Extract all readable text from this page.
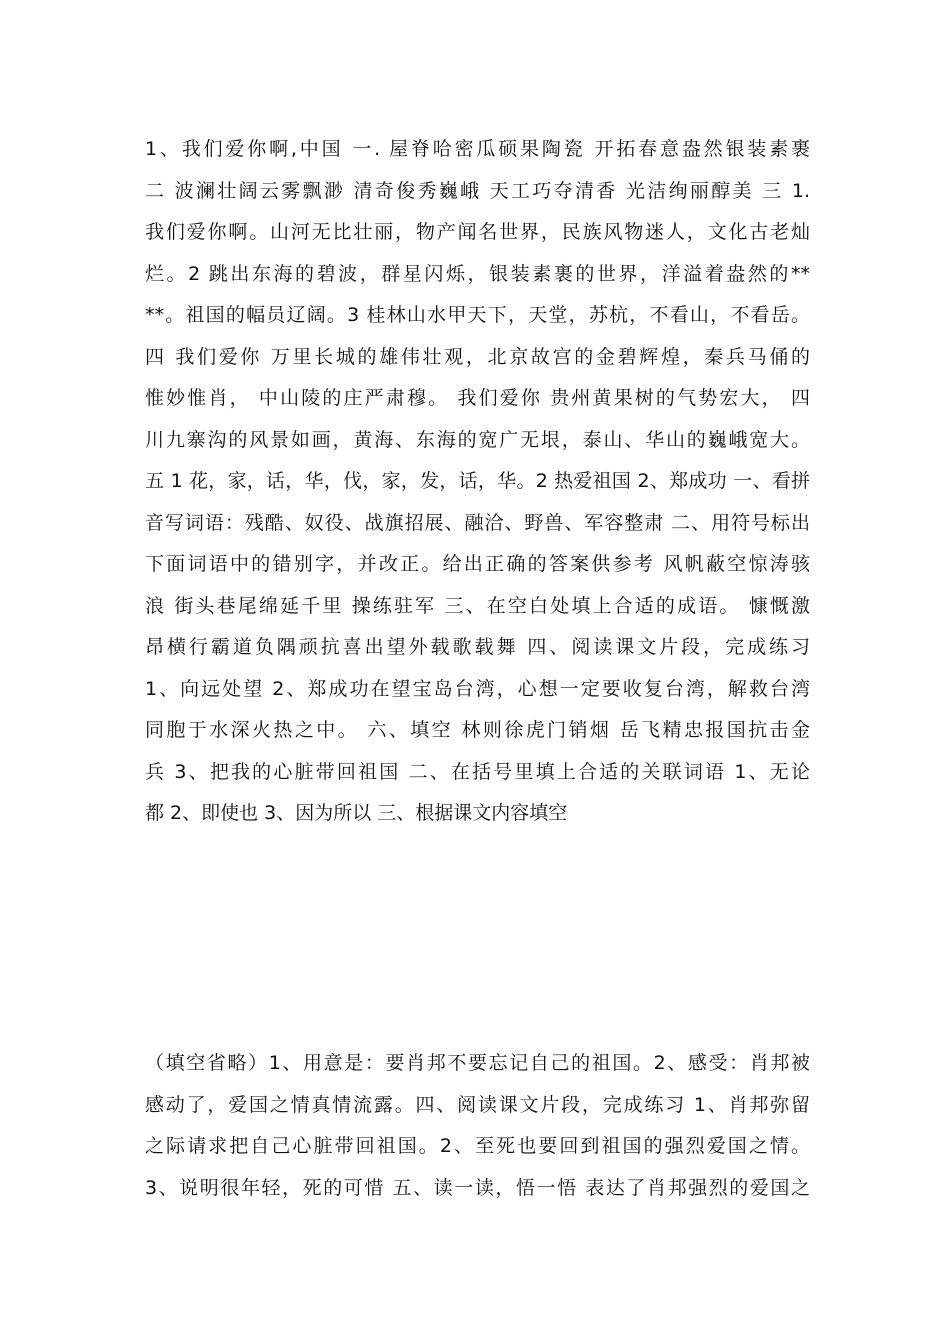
1、我们爱你啊,中国 一. 屋脊哈密瓜硕果陶瓷 开拓春意盎然银装素裹
二 波澜壮阔云雾飘渺 清奇俊秀巍峨 天工巧夺清香 光洁绚丽醇美 三 1.
我们爱你啊。山河无比壮丽，物产闻名世界，民族风物迷人，文化古老灿
烂。2 跳出东海的碧波，群星闪烁，银装素裹的世界，洋溢着盎然的**
**。祖国的幅员辽阔。3 桂林山水甲天下，天堂，苏杭，不看山，不看岳。
四 我们爱你 万里长城的雄伟壮观，北京故宫的金碧辉煌，秦兵马俑的
惟妙惟肖， 中山陵的庄严肃穆。 我们爱你 贵州黄果树的气势宏大， 四
川九寨沟的风景如画，黄海、东海的宽广无垠，泰山、华山的巍峨宽大。
五 1 花，家，话，华，伐，家，发，话，华。2 热爱祖国 2、郑成功 一、看拼
音写词语：残酷、奴役、战旗招展、融洽、野兽、军容整肃 二、用符号标出
下面词语中的错别字，并改正。给出正确的答案供参考 风帆蔽空惊涛骇
浪 街头巷尾绵延千里 操练驻军 三、在空白处填上合适的成语。 慷慨激
昂横行霸道负隅顽抗喜出望外载歌载舞 四、阅读课文片段，完成练习
1、向远处望 2、郑成功在望宝岛台湾，心想一定要收复台湾，解救台湾
同胞于水深火热之中。 六、填空 林则徐虎门销烟 岳飞精忠报国抗击金
兵 3、把我的心脏带回祖国 二、在括号里填上合适的关联词语 1、无论
都 2、即使也 3、因为所以 三、根据课文内容填空
（填空省略）1、用意是：要肖邦不要忘记自己的祖国。2、感受：肖邦被
感动了，爱国之情真情流露。四、阅读课文片段，完成练习 1、肖邦弥留
之际请求把自己心脏带回祖国。2、至死也要回到祖国的强烈爱国之情。
3、说明很年轻，死的可惜 五、读一读，悟一悟 表达了肖邦强烈的爱国之
